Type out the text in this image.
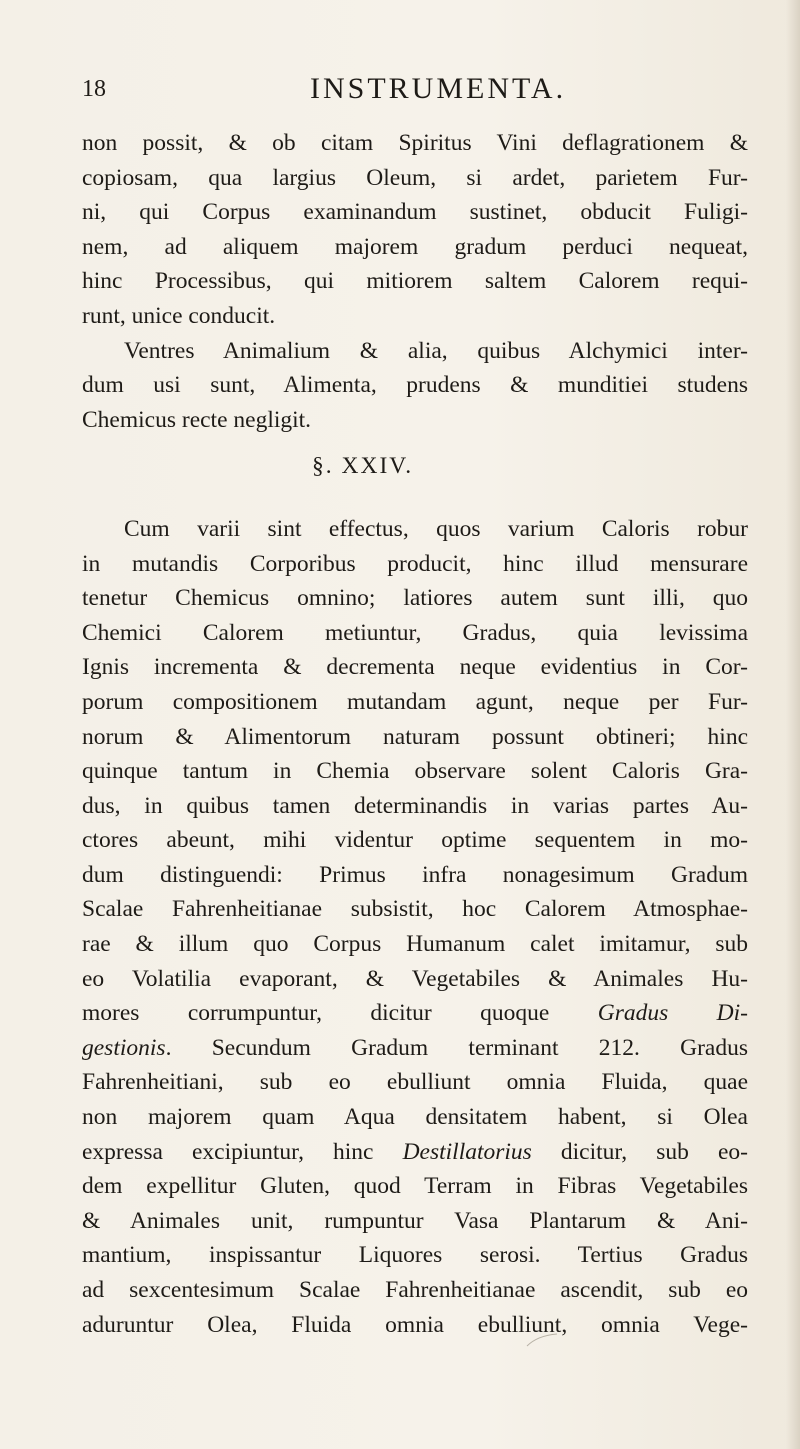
18	INSTRUMENTA.
non possit, & ob citam Spiritus Vini deflagrationem &
copiosam, qua largius Oleum, si ardet, parietem Fur-
ni, qui Corpus examinandum sustinet, obducit Fuligi-
nem, ad aliquem majorem gradum perduci nequeat,
hinc Processibus, qui mitiorem saltem Calorem requi-
runt, unice conducit.
Ventres Animalium & alia, quibus Alchymici inter-
dum usi sunt, Alimenta, prudens & munditiei studens
Chemicus recte negligit.
§. XXIV.
Cum varii sint effectus, quos varium Caloris robur
in mutandis Corporibus producit, hinc illud mensurare
tenetur Chemicus omnino; latiores autem sunt illi, quo
Chemici Calorem metiuntur, Gradus, quia levissima
Ignis incrementa & decrementa neque evidentius in Cor-
porum compositionem mutandam agunt, neque per Fur-
norum & Alimentorum naturam possunt obtineri; hinc
quinque tantum in Chemia observare solent Caloris Gra-
dus, in quibus tamen determinandis in varias partes Au-
ctores abeunt, mihi videntur optime sequentem in mo-
dum distinguendi: Primus infra nonagesimum Gradum
Scalae Fahrenheitianae subsistit, hoc Calorem Atmosphae-
rae & illum quo Corpus Humanum calet imitamur, sub
eo Volatilia evaporant, & Vegetabiles & Animales Hu-
mores corrumpuntur, dicitur quoque Gradus Di-
gestionis. Secundum Gradum terminant 212. Gradus
Fahrenheitiani, sub eo ebulliunt omnia Fluida, quae
non majorem quam Aqua densitatem habent, si Olea
expressa excipiuntur, hinc Destillatorius dicitur, sub eo-
dem expellitur Gluten, quod Terram in Fibras Vegetabiles
& Animales unit, rumpuntur Vasa Plantarum & Ani-
mantium, inspissantur Liquores serosi. Tertius Gradus
ad sexcentesimum Scalae Fahrenheitianae ascendit, sub eo
aduruntur Olea, Fluida omnia ebulliunt, omnia Vege-
